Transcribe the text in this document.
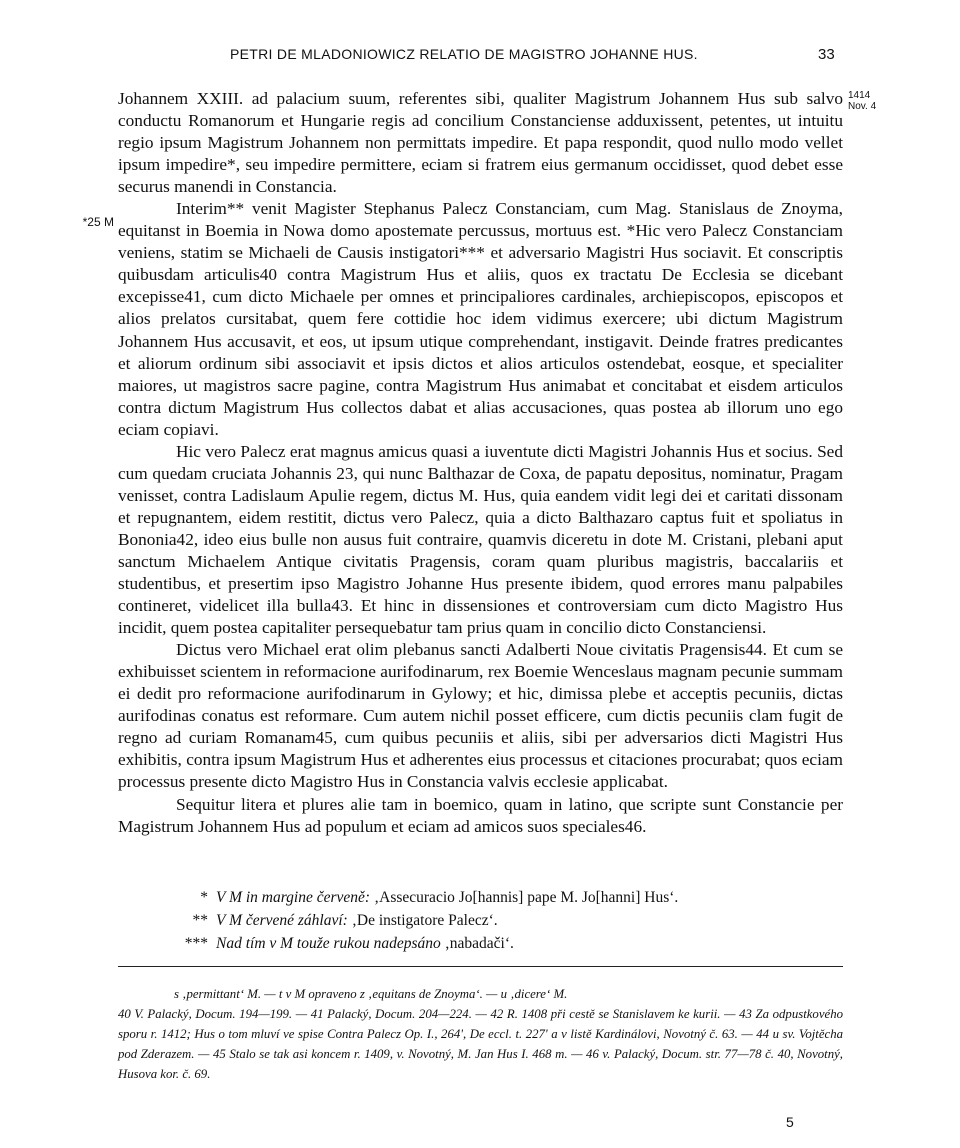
PETRI DE MLADONIOWICZ RELATIO DE MAGISTRO JOHANNE HUS.	33
1414
Nov. 4
*25 M

Johannem XXIII. ad palacium suum, referentes sibi, qualiter Magistrum Johannem Hus sub salvo conductu Romanorum et Hungarie regis ad concilium Constanciense adduxissent, petentes, ut intuitu regio ipsum Magistrum Johannem non permittats impedire. Et papa respondit, quod nullo modo vellet ipsum impedire*, seu impedire permittere, eciam si fratrem eius germanum occidisset, quod debet esse securus manendi in Constancia.

Interim** venit Magister Stephanus Palecz Constanciam, cum Mag. Stanislaus de Znoyma, equitanst in Boemia in Nowa domo apostemate percussus, mortuus est. *Hic vero Palecz Constanciam veniens, statim se Michaeli de Causis instigatori*** et adversario Magistri Hus sociavit. Et conscriptis quibusdam articulis40 contra Magistrum Hus et aliis, quos ex tractatu De Ecclesia se dicebant excepisse41, cum dicto Michaele per omnes et principaliores cardinales, archiepiscopos, episcopos et alios prelatos cursitabat, quem fere cottidie hoc idem vidimus exercere; ubi dictum Magistrum Johannem Hus accusavit, et eos, ut ipsum utique comprehendant, instigavit. Deinde fratres predicantes et aliorum ordinum sibi associavit et ipsis dictos et alios articulos ostendebat, eosque, et specialiter maiores, ut magistros sacre pagine, contra Magistrum Hus animabat et concitabat et eisdem articulos contra dictum Magistrum Hus collectos dabat et alias accusaciones, quas postea ab illorum uno ego eciam copiavi.

Hic vero Palecz erat magnus amicus quasi a iuventute dicti Magistri Johannis Hus et socius. Sed cum quedam cruciata Johannis 23, qui nunc Balthazar de Coxa, de papatu depositus, nominatur, Pragam venisset, contra Ladislaum Apulie regem, dictus M. Hus, quia eandem vidit legi dei et caritati dissonam et repugnantem, eidem restitit, dictus vero Palecz, quia a dicto Balthazaro captus fuit et spoliatus in Bononia42, ideo eius bulle non ausus fuit contraire, quamvis diceretu in dote M. Cristani, plebani aput sanctum Michaelem Antique civitatis Pragensis, coram quam pluribus magistris, baccalariis et studentibus, et presertim ipso Magistro Johanne Hus presente ibidem, quod errores manu palpabiles contineret, videlicet illa bulla43. Et hinc in dissensiones et controversiam cum dicto Magistro Hus incidit, quem postea capitaliter persequebatur tam prius quam in concilio dicto Constanciensi.

Dictus vero Michael erat olim plebanus sancti Adalberti Noue civitatis Pragensis44. Et cum se exhibuisset scientem in reformacione aurifodinarum, rex Boemie Wenceslaus magnam pecunie summam ei dedit pro reformacione aurifodinarum in Gylowy; et hic, dimissa plebe et acceptis pecuniis, dictas aurifodinas conatus est reformare. Cum autem nichil posset efficere, cum dictis pecuniis clam fugit de regno ad curiam Romanam45, cum quibus pecuniis et aliis, sibi per adversarios dicti Magistri Hus exhibitis, contra ipsum Magistrum Hus et adherentes eius processus et citaciones procurabat; quos eciam processus presente dicto Magistro Hus in Constancia valvis ecclesie applicabat.

Sequitur litera et plures alie tam in boemico, quam in latino, que scripte sunt Constancie per Magistrum Johannem Hus ad populum et eciam ad amicos suos speciales46.

* V M in margine červeně: ‚Assecuracio Jo[hannis] pape M. Jo[hanni] Hus‘.
** V M červené záhlaví: ‚De instigatore Palecz‘.
*** Nad tím v M touže rukou nadepsáno ‚nabadači‘.

s ‚permittant‘ M. — t v M opraveno z ‚equitans de Znoyma‘. — u ‚dicere‘ M.

40 V. Palacký, Docum. 194—199. — 41 Palacký, Docum. 204—224. — 42 R. 1408 při cestě se Stanislavem ke kurii. — 43 Za odpustkového sporu r. 1412; Hus o tom mluví ve spise Contra Palecz Op. I., 264', De eccl. t. 227' a v listě Kardinálovi, Novotný č. 63. — 44 u sv. Vojtěcha pod Zderazem. — 45 Stalo se tak asi koncem r. 1409, v. Novotný, M. Jan Hus I. 468 m. — 46 v. Palacký, Docum. str. 77—78 č. 40, Novotný, Husova kor. č. 69.

5
